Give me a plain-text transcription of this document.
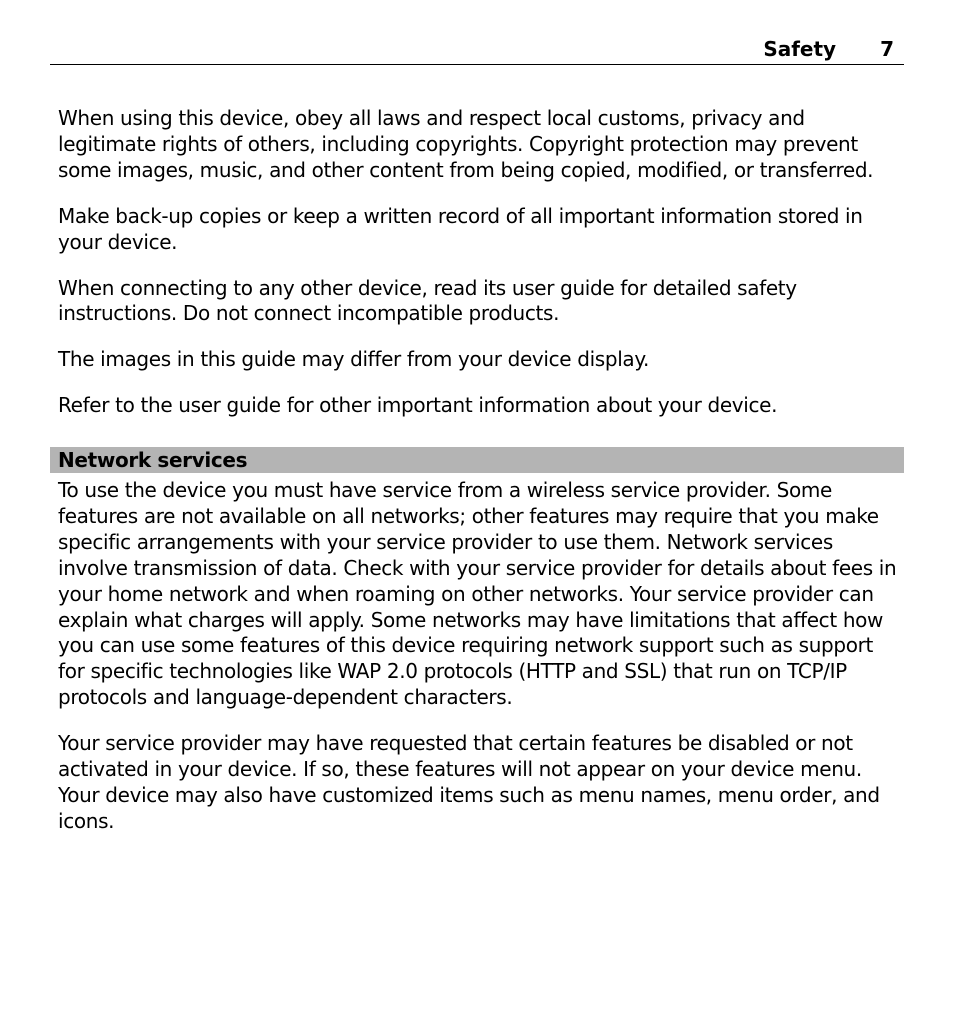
Safety 7

When using this device, obey all laws and respect local customs, privacy and legitimate rights of others, including copyrights. Copyright protection may prevent some images, music, and other content from being copied, modified, or transferred.

Make back-up copies or keep a written record of all important information stored in your device.

When connecting to any other device, read its user guide for detailed safety instructions. Do not connect incompatible products.

The images in this guide may differ from your device display.

Refer to the user guide for other important information about your device.

Network services

To use the device you must have service from a wireless service provider. Some features are not available on all networks; other features may require that you make specific arrangements with your service provider to use them. Network services involve transmission of data. Check with your service provider for details about fees in your home network and when roaming on other networks. Your service provider can explain what charges will apply. Some networks may have limitations that affect how you can use some features of this device requiring network support such as support for specific technologies like WAP 2.0 protocols (HTTP and SSL) that run on TCP/IP protocols and language-dependent characters.

Your service provider may have requested that certain features be disabled or not activated in your device. If so, these features will not appear on your device menu. Your device may also have customized items such as menu names, menu order, and icons.
